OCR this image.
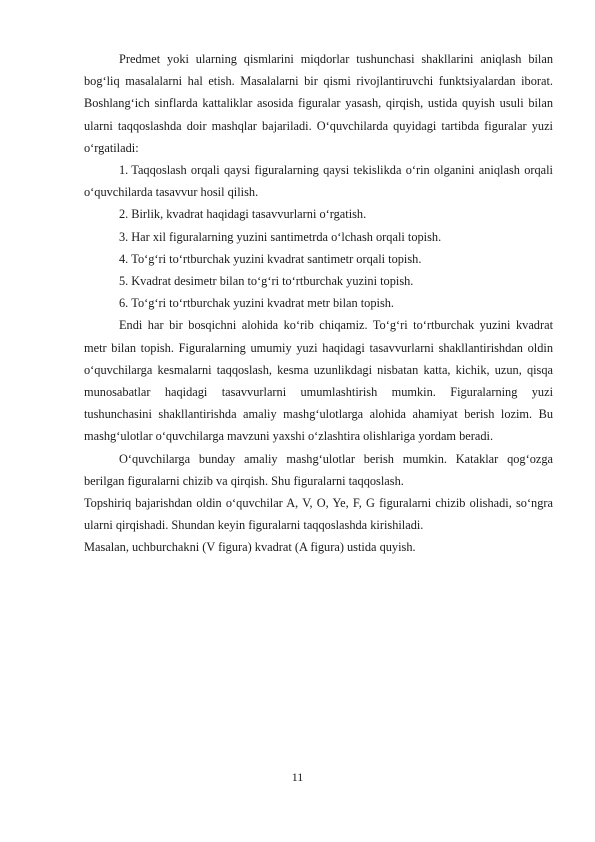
Predmet yoki ularning qismlarini miqdorlar tushunchasi shakllarini aniqlash bilan bog‘liq masalalarni hal etish. Masalalarni bir qismi rivojlantiruvchi funktsiyalardan iborat. Boshlang‘ich sinflarda kattaliklar asosida figuralar yasash, qirqish, ustida quyish usuli bilan ularni taqqoslashda doir mashqlar bajariladi. O‘quvchilarda quyidagi tartibda figuralar yuzi o‘rgatiladi:

1. Taqqoslash orqali qaysi figuralarning qaysi tekislikda o‘rin olganini aniqlash orqali o‘quvchilarda tasavvur hosil qilish.
2. Birlik, kvadrat haqidagi tasavvurlarni o‘rgatish.
3. Har xil figuralarning yuzini santimetrda o‘lchash orqali topish.
4. To‘g‘ri to‘rtburchak yuzini kvadrat santimetr orqali topish.
5. Kvadrat desimetr bilan to‘g‘ri to‘rtburchak yuzini topish.
6. To‘g‘ri to‘rtburchak yuzini kvadrat metr bilan topish.

Endi har bir bosqichni alohida ko‘rib chiqamiz. To‘g‘ri to‘rtburchak yuzini kvadrat metr bilan topish. Figuralarning umumiy yuzi haqidagi tasavvurlarni shakllantirishdan oldin o‘quvchilarga kesmalarni taqqoslash, kesma uzunlikdagi nisbatan katta, kichik, uzun, qisqa munosabatlar haqidagi tasavvurlarni umumlashtirish mumkin. Figuralarning yuzi tushunchasini shakllantirishda amaliy mashg‘ulotlarga alohida ahamiyat berish lozim. Bu mashg‘ulotlar o‘quvchilarga mavzuni yaxshi o‘zlashtira olishlariga yordam beradi.

O‘quvchilarga bunday amaliy mashg‘ulotlar berish mumkin. Kataklar qog‘ozga berilgan figuralarni chizib va qirqish. Shu figuralarni taqqoslash.

Topshiriq bajarishdan oldin o‘quvchilar A, V, O, Ye, F, G figuralarni chizib olishadi, so‘ngra ularni qirqishadi. Shundan keyin figuralarni taqqoslashda kirishiladi.

Masalan, uchburchakni (V figura) kvadrat (A figura) ustida quyish.

11
